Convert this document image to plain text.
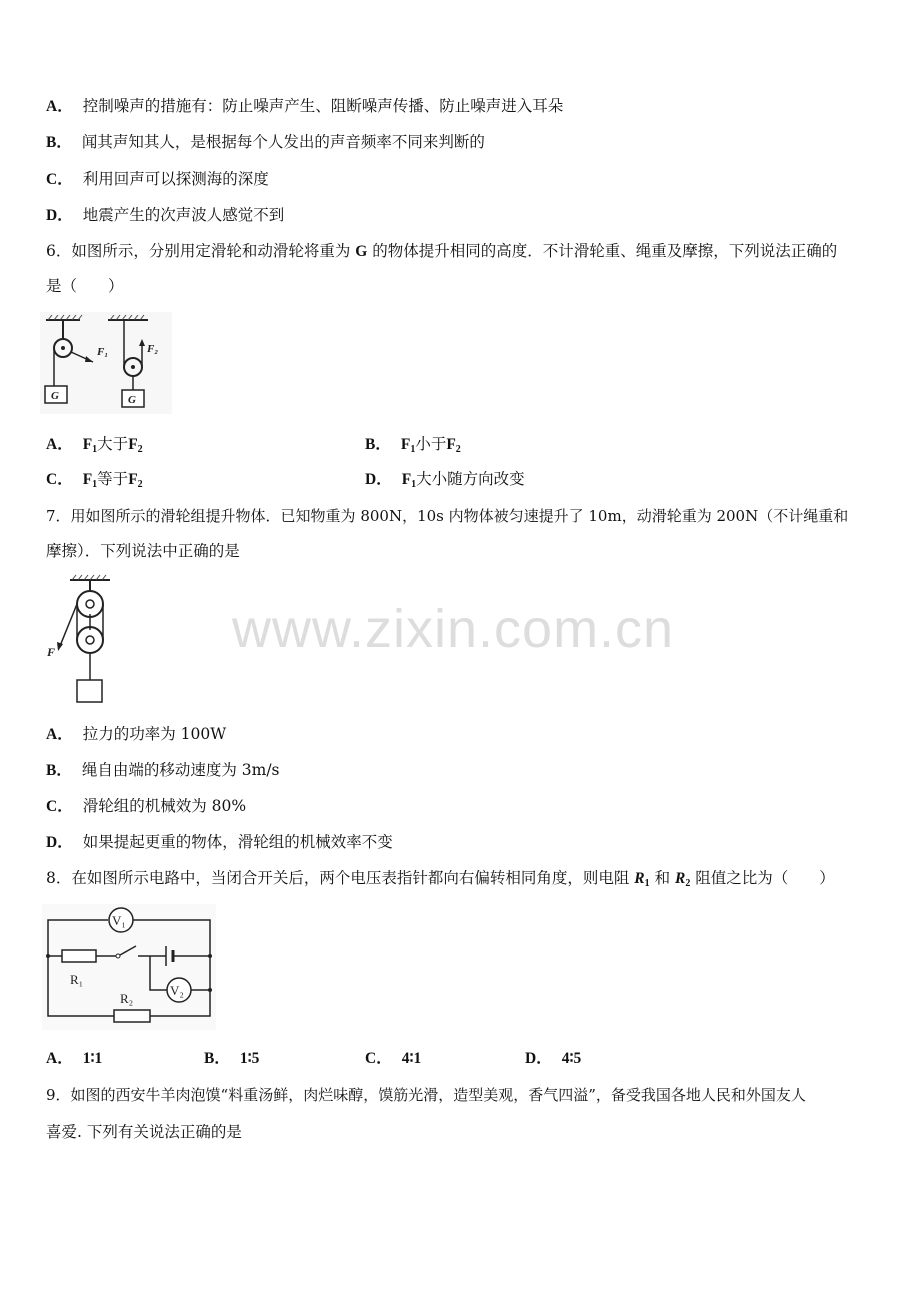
A． 控制噪声的措施有：防止噪声产生、阻断噪声传播、防止噪声进入耳朵
B． 闻其声知其人，是根据每个人发出的声音频率不同来判断的
C． 利用回声可以探测海的深度
D． 地震产生的次声波人感觉不到
6．如图所示，分别用定滑轮和动滑轮将重为 G 的物体提升相同的高度．不计滑轮重、绳重及摩擦，下列说法正确的
是（　　）
F₁
G
F₂
G
A． $F_1$大于$F_2$	B． $F_1$小于$F_2$
C． $F_1$等于$F_2$	D． $F_1$大小随方向改变
7．用如图所示的滑轮组提升物体．已知物重为 800N，10s 内物体被匀速提升了 10m，动滑轮重为 200N（不计绳重和
摩擦）．下列说法中正确的是
F
A． 拉力的功率为 100W
B． 绳自由端的移动速度为 3m/s
C． 滑轮组的机械效为 80%
D． 如果提起更重的物体，滑轮组的机械效率不变
8．在如图所示电路中，当闭合开关后，两个电压表指针都向右偏转相同角度，则电阻 $R_1$ 和 $R_2$ 阻值之比为（　　）
V₁
R₁
V₂
R₂
A． 1∶1	B． 1∶5	C． 4∶1	D． 4∶5
9．如图的西安牛羊肉泡馍“料重汤鲜，肉烂味醇，馍筋光滑，造型美观，香气四溢”，备受我国各地人民和外国友人
喜爱. 下列有关说法正确的是
www.zixin.com.cn
